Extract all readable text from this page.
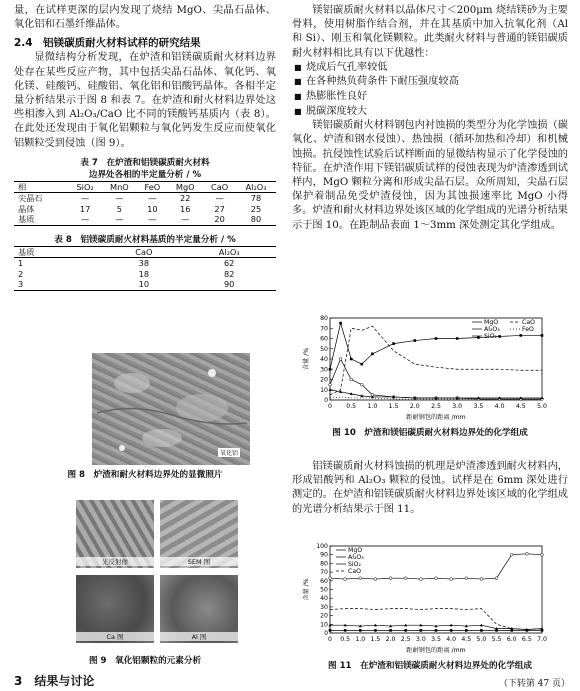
量，在试样更深的层内发现了烧结 MgO、尖晶石晶体、氧化铝和石墨纤维晶体。

2.4　铝镁碳质耐火材料试样的研究结果

显微结构分析发现，在炉渣和铝镁碳质耐火材料边界处存在某些反应产物，其中包括尖晶石晶体、氧化钙、氧化镁、硅酸钙、硅酸铝、氧化铝和铝酸钙晶体。各相半定量分析结果示于图 8 和表 7。在炉渣和耐火材料边界处这些相渗入到 Al₂O₃/CaO 比不同的镁酸钙基质内（表 8）。在此处还发现由于氧化铝颗粒与氧化钙发生反应而使氧化铝颗粒受到侵蚀（图 9）。

表 7　在炉渣和铝镁碳质耐火材料
边界处各相的半定量分析 / %
相	SiO₂	MnO	FeO	MgO	CaO	Al₂O₃
尖晶石	—	—	—	22	—	78
晶体	17	5	10	16	27	25
基质	—	—	—	—	20	80
表 8　铝镁碳质耐火材料基质的半定量分析 / %
基质	CaO	Al₂O₃
1	38	62
2	18	82
3	10	90
氧化铝
图 8　炉渣和耐火材料边界处的显微照片
光反射像	SEM 图
Ca 图	Al 图
图 9　氧化铝颗粒的元素分析
3　结果与讨论

镁铝碳质耐火材料以晶体尺寸＜200μm 烧结镁砂为主要骨料，使用树脂作结合剂，并在其基质中加入抗氧化剂（Al 和 Si）、刚玉和氧化镁颗粒。此类耐火材料与普通的镁铝碳质耐火材料相比具有以下优越性：

■ 烧成后气孔率较低
■ 在各种热负荷条件下耐压强度较高
■ 热膨胀性良好
■ 脱碳深度较大

镁铝碳质耐火材料钢包内衬蚀损的类型分为化学蚀损（碳氧化、炉渣和钢水侵蚀）、热蚀损（循环加热和冷却）和机械蚀损。抗侵蚀性试验后试样断面的显微结构显示了化学侵蚀的特征。在炉渣作用下镁铝碳质试样的侵蚀表现为炉渣渗透到试样内，MgO 颗粒分离和形成尖晶石层。众所周知，尖晶石层保护着制品免受炉渣侵蚀，因为其蚀损速率比 MgO 小得多。炉渣和耐火材料边界处该区域的化学组成的光谱分析结果示于图 10。在距制品表面 1～3mm 深处测定其化学组成。

0
10
20
30
40
50
60
70
80
0 0.5 1.0 1.5 2.0 2.5 3.0 3.5 4.0 4.5 5.0
含量 /%
距耐钢包的距离 /mm
MgO
Al₂O₃
SiO₂
CaO
FeO
图 10　炉渣和镁铝碳质耐火材料边界处的化学组成

铝镁碳质耐火材料蚀损的机理是炉渣渗透到耐火材料内，形成铝酸钙和 Al₂O₃ 颗粒的侵蚀。试样是在 6mm 深处进行测定的。在炉渣和铝镁碳质耐火材料边界处该区域的化学组成的光谱分析结果示于图 11。

0
10
20
30
40
50
60
70
80
90
100
0 0.5 1.0 1.5 2.0 2.5 3.0 3.5 4.0 4.5 5.0 5.5 6.0 6.5 7.0
含量 /%
距耐钢包的距离 /mm
MgO
Al₂O₃
SiO₂
CaO
图 11　在炉渣和铝镁碳质耐火材料边界处的化学组成
（下转第 47 页）
